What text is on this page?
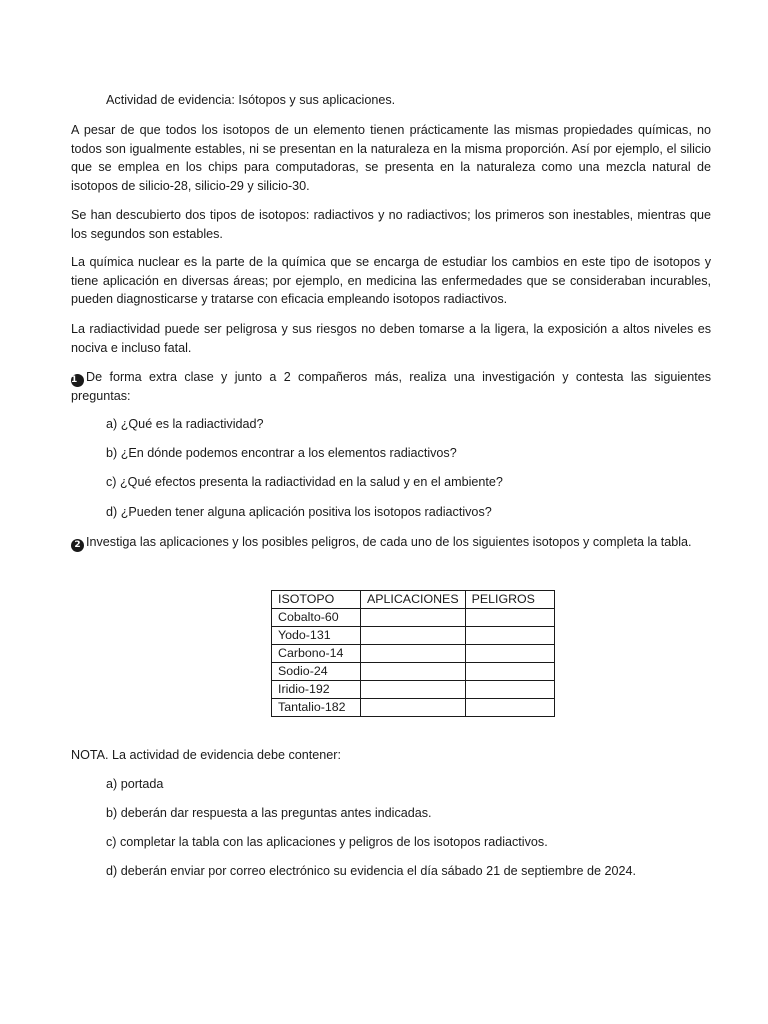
Actividad de evidencia: Isótopos y sus aplicaciones.

A pesar de que todos los isotopos de un elemento tienen prácticamente las mismas propiedades químicas, no todos son igualmente estables, ni se presentan en la naturaleza en la misma proporción. Así por ejemplo, el silicio que se emplea en los chips para computadoras, se presenta en la naturaleza como una mezcla natural de isotopos de silicio-28, silicio-29 y silicio-30.

Se han descubierto dos tipos de isotopos: radiactivos y no radiactivos; los primeros son inestables, mientras que los segundos son estables.

La química nuclear es la parte de la química que se encarga de estudiar los cambios en este tipo de isotopos y tiene aplicación en diversas áreas; por ejemplo, en medicina las enfermedades que se consideraban incurables, pueden diagnosticarse y tratarse con eficacia empleando isotopos radiactivos.

La radiactividad puede ser peligrosa y sus riesgos no deben tomarse a la ligera, la exposición a altos niveles es nociva e incluso fatal.

1 De forma extra clase y junto a 2 compañeros más, realiza una investigación y contesta las siguientes preguntas:

a) ¿Qué es la radiactividad?

b) ¿En dónde podemos encontrar a los elementos radiactivos?

c) ¿Qué efectos presenta la radiactividad en la salud y en el ambiente?

d) ¿Pueden tener alguna aplicación positiva los isotopos radiactivos?

2 Investiga las aplicaciones y los posibles peligros, de cada uno de los siguientes isotopos y completa la tabla.

ISOTOPO	APLICACIONES	PELIGROS
Cobalto-60		
Yodo-131		
Carbono-14		
Sodio-24		
Iridio-192		
Tantalio-182		

NOTA. La actividad de evidencia debe contener:

a) portada

b) deberán dar respuesta a las preguntas antes indicadas.

c) completar la tabla con las aplicaciones y peligros de los isotopos radiactivos.

d) deberán enviar por correo electrónico su evidencia el día sábado 21 de septiembre de 2024.
